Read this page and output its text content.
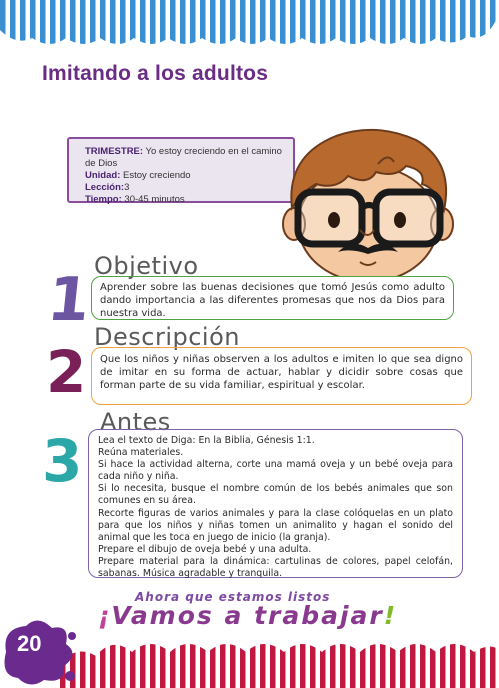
Imitando a los adultos
TRIMESTRE: Yo estoy creciendo en el camino de Dios
Unidad: Estoy creciendo
Lección:3
Tiempo: 30-45 minutos
1 Objetivo
Aprender sobre las buenas decisiones que tomó Jesús como adulto dando importancia a las diferentes promesas que nos da Dios para nuestra vida.
2
Descripción
Que los niños y niñas observen a los adultos e imiten lo que sea digno de imitar en su forma de actuar, hablar y dicidir sobre cosas que forman parte de su vida familiar, espiritual y escolar.
3
Antes

Lea el texto de Diga: En la Biblia, Génesis 1:1.

Reúna materiales.

Si hace la actividad alterna, corte una mamá oveja y un bebé oveja para cada niño y niña.

Si lo necesita, busque el nombre común de los bebés animales que son comunes en su área.

Recorte figuras de varios animales y para la clase colóquelas en un plato para que los niños y niñas tomen un animalito y hagan el sonido del animal que les toca en juego de inicio (la granja).

Prepare el dibujo de oveja bebé y una adulta.

Prepare material para la dinámica: cartulinas de colores, papel celofán, sabanas. Música agradable y tranquila.

20
Ahora que estamos listos
¡Vamos a trabajar!
